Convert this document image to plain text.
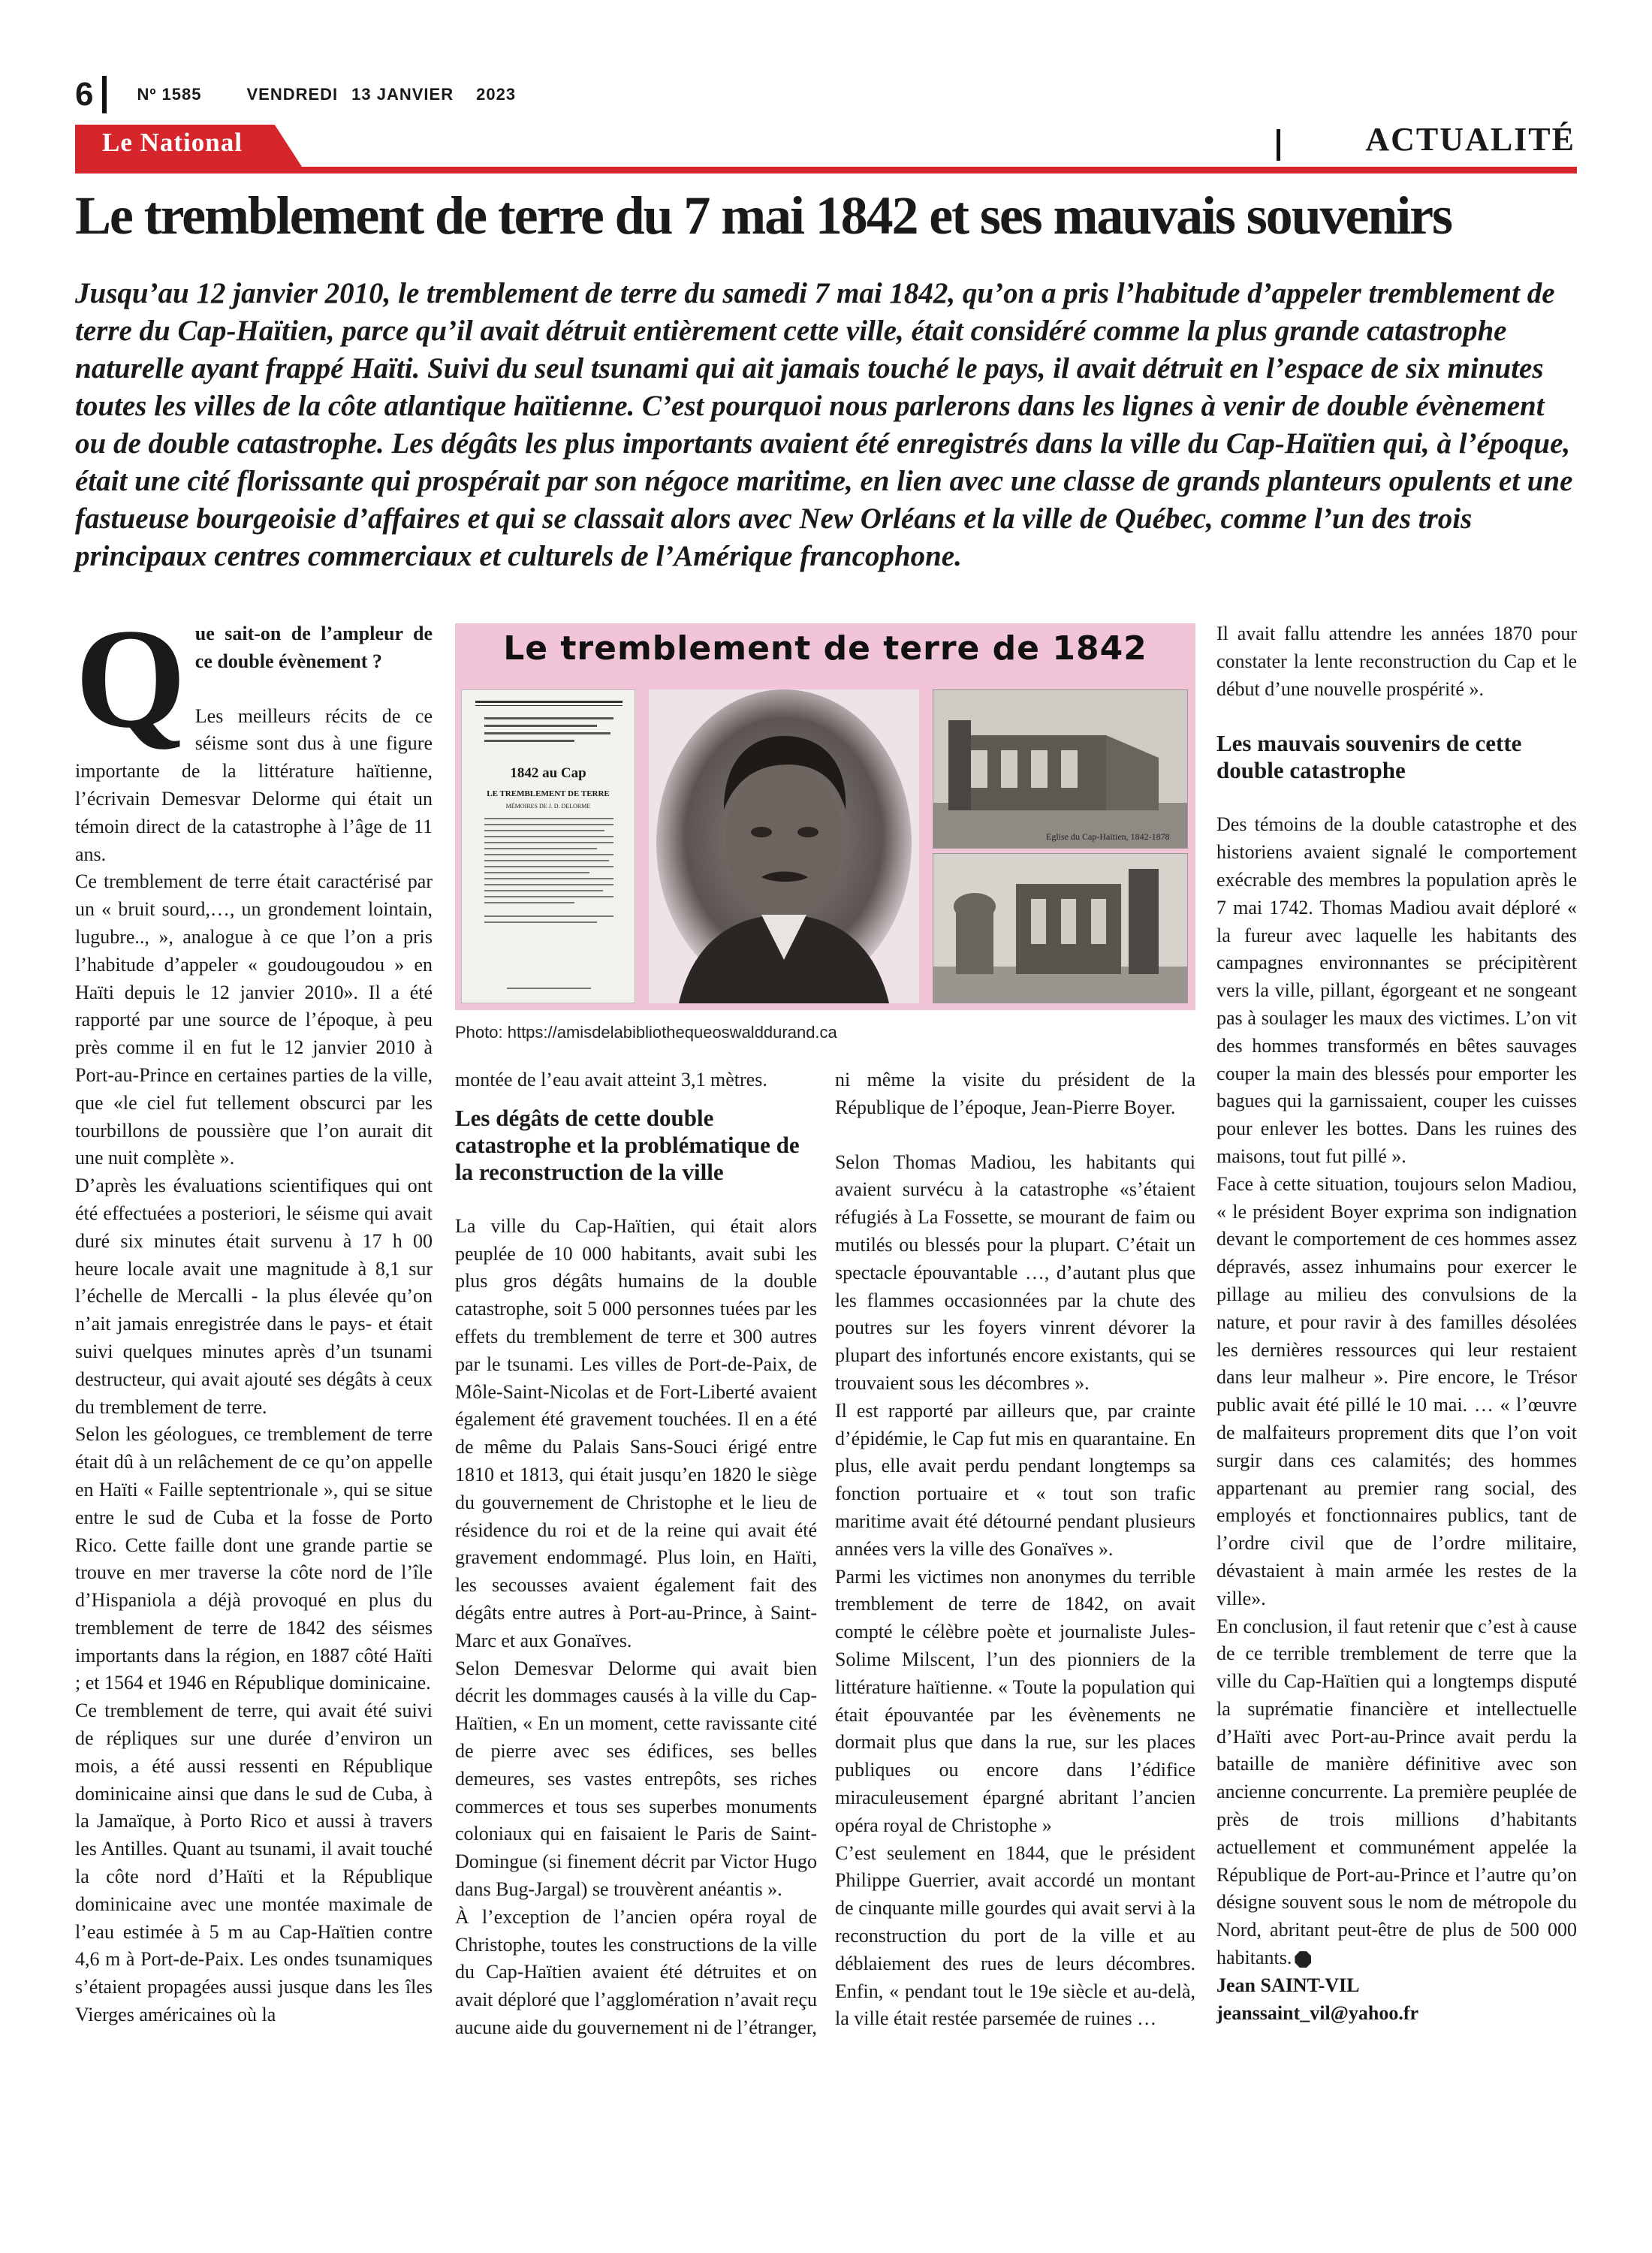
6	Nº 1585	VENDREDI 13 JANVIER 2023
Le National	ACTUALITÉ
Le tremblement de terre du 7 mai 1842 et ses mauvais souvenirs

Jusqu’au 12 janvier 2010, le tremblement de terre du samedi 7 mai 1842, qu’on a pris l’habitude d’appeler tremblement de terre du Cap-Haïtien, parce qu’il avait détruit entièrement cette ville, était considéré comme la plus grande catastrophe naturelle ayant frappé Haïti. Suivi du seul tsunami qui ait jamais touché le pays, il avait détruit en l’espace de six minutes toutes les villes de la côte atlantique haïtienne. C’est pourquoi nous parlerons dans les lignes à venir de double évènement ou de double catastrophe. Les dégâts les plus importants avaient été enregistrés dans la ville du Cap-Haïtien qui, à l’époque, était une cité florissante qui prospérait par son négoce maritime, en lien avec une classe de grands planteurs opulents et une fastueuse bourgeoisie d’affaires et qui se classait alors avec New Orléans et la ville de Québec, comme l’un des trois principaux centres commerciaux et culturels de l’Amérique francophone.

Q ue sait-on de l’ampleur de ce double évènement ?

Les meilleurs récits de ce séisme sont dus à une figure importante de la littérature haïtienne, l’écrivain Demesvar Delorme qui était un témoin direct de la catastrophe à l’âge de 11 ans.

Ce tremblement de terre était caractérisé par un « bruit sourd,…, un grondement lointain, lugubre.., », analogue à ce que l’on a pris l’habitude d’appeler « goudougoudou » en Haïti depuis le 12 janvier 2010». Il a été rapporté par une source de l’époque, à peu près comme il en fut le 12 janvier 2010 à Port-au-Prince en certaines parties de la ville, que «le ciel fut tellement obscurci par les tourbillons de poussière que l’on aurait dit une nuit complète ».

D’après les évaluations scientifiques qui ont été effectuées a posteriori, le séisme qui avait duré six minutes était survenu à 17 h 00 heure locale avait une magnitude à 8,1 sur l’échelle de Mercalli - la plus élevée qu’on n’ait jamais enregistrée dans le pays- et était suivi quelques minutes après d’un tsunami destructeur, qui avait ajouté ses dégâts à ceux du tremblement de terre.

Selon les géologues, ce tremblement de terre était dû à un relâchement de ce qu’on appelle en Haïti « Faille septentrionale », qui se situe entre le sud de Cuba et la fosse de Porto Rico. Cette faille dont une grande partie se trouve en mer traverse la côte nord de l’île d’Hispaniola a déjà provoqué en plus du tremblement de terre de 1842 des séismes importants dans la région, en 1887 côté Haïti ; et 1564 et 1946 en République dominicaine.

Ce tremblement de terre, qui avait été suivi de répliques sur une durée d’environ un mois, a été aussi ressenti en République dominicaine ainsi que dans le sud de Cuba, à la Jamaïque, à Porto Rico et aussi à travers les Antilles. Quant au tsunami, il avait touché la côte nord d’Haïti et la République dominicaine avec une montée maximale de l’eau estimée à 5 m au Cap-Haïtien contre 4,6 m à Port-de-Paix. Les ondes tsunamiques s’étaient propagées aussi jusque dans les îles Vierges américaines où la

Le tremblement de terre de 1842
1842 au Cap
LE TREMBLEMENT DE TERRE
MÉMOIRES DE J. D. DELORME
Eglise du Cap-Haïtien, 1842-1878
Photo: https://amisdelabibliothequeoswalddurand.ca

montée de l’eau avait atteint 3,1 mètres.

Les dégâts de cette double catastrophe et la problématique de la reconstruction de la ville

La ville du Cap-Haïtien, qui était alors peuplée de 10 000 habitants, avait subi les plus gros dégâts humains de la double catastrophe, soit 5 000 personnes tuées par les effets du tremblement de terre et 300 autres par le tsunami. Les villes de Port-de-Paix, de Môle-Saint-Nicolas et de Fort-Liberté avaient également été gravement touchées. Il en a été de même du Palais Sans-Souci érigé entre 1810 et 1813, qui était jusqu’en 1820 le siège du gouvernement de Christophe et le lieu de résidence du roi et de la reine qui avait été gravement endommagé. Plus loin, en Haïti, les secousses avaient également fait des dégâts entre autres à Port-au-Prince, à Saint-Marc et aux Gonaïves.

Selon Demesvar Delorme qui avait bien décrit les dommages causés à la ville du Cap-Haïtien, « En un moment, cette ravissante cité de pierre avec ses édifices, ses belles demeures, ses vastes entrepôts, ses riches commerces et tous ses superbes monuments coloniaux qui en faisaient le Paris de Saint-Domingue (si finement décrit par Victor Hugo dans Bug-Jargal) se trouvèrent anéantis ».

À l’exception de l’ancien opéra royal de Christophe, toutes les constructions de la ville du Cap-Haïtien avaient été détruites et on avait déploré que l’agglomération n’avait reçu aucune aide du gouvernement ni de l’étranger,

ni même la visite du président de la République de l’époque, Jean-Pierre Boyer.

Selon Thomas Madiou, les habitants qui avaient survécu à la catastrophe «s’étaient réfugiés à La Fossette, se mourant de faim ou mutilés ou blessés pour la plupart. C’était un spectacle épouvantable …, d’autant plus que les flammes occasionnées par la chute des poutres sur les foyers vinrent dévorer la plupart des infortunés encore existants, qui se trouvaient sous les décombres ».

Il est rapporté par ailleurs que, par crainte d’épidémie, le Cap fut mis en quarantaine. En plus, elle avait perdu pendant longtemps sa fonction portuaire et « tout son trafic maritime avait été détourné pendant plusieurs années vers la ville des Gonaïves ».

Parmi les victimes non anonymes du terrible tremblement de terre de 1842, on avait compté le célèbre poète et journaliste Jules-Solime Milscent, l’un des pionniers de la littérature haïtienne. « Toute la population qui était épouvantée par les évènements ne dormait plus que dans la rue, sur les places publiques ou encore dans l’édifice miraculeusement épargné abritant l’ancien opéra royal de Christophe »

C’est seulement en 1844, que le président Philippe Guerrier, avait accordé un montant de cinquante mille gourdes qui avait servi à la reconstruction du port de la ville et au déblaiement des rues de leurs décombres. Enfin, « pendant tout le 19e siècle et au-delà, la ville était restée parsemée de ruines …

Il avait fallu attendre les années 1870 pour constater la lente reconstruction du Cap et le début d’une nouvelle prospérité ».

Les mauvais souvenirs de cette double catastrophe

Des témoins de la double catastrophe et des historiens avaient signalé le comportement exécrable des membres la population après le 7 mai 1742. Thomas Madiou avait déploré « la fureur avec laquelle les habitants des campagnes environnantes se précipitèrent vers la ville, pillant, égorgeant et ne songeant pas à soulager les maux des victimes. L’on vit des hommes transformés en bêtes sauvages couper la main des blessés pour emporter les bagues qui la garnissaient, couper les cuisses pour enlever les bottes. Dans les ruines des maisons, tout fut pillé ».

Face à cette situation, toujours selon Madiou, « le président Boyer exprima son indignation devant le comportement de ces hommes assez dépravés, assez inhumains pour exercer le pillage au milieu des convulsions de la nature, et pour ravir à des familles désolées les dernières ressources qui leur restaient dans leur malheur ». Pire encore, le Trésor public avait été pillé le 10 mai. … « l’œuvre de malfaiteurs proprement dits que l’on voit surgir dans ces calamités; des hommes appartenant au premier rang social, des employés et fonctionnaires publics, tant de l’ordre civil que de l’ordre militaire, dévastaient à main armée les restes de la ville».

En conclusion, il faut retenir que c’est à cause de ce terrible tremblement de terre que la ville du Cap-Haïtien qui a longtemps disputé la suprématie financière et intellectuelle d’Haïti avec Port-au-Prince avait perdu la bataille de manière définitive avec son ancienne concurrente. La première peuplée de près de trois millions d’habitants actuellement et communément appelée la République de Port-au-Prince et l’autre qu’on désigne souvent sous le nom de métropole du Nord, abritant peut-être de plus de 500 000 habitants.

Jean SAINT-VIL

jeanssaint_vil@yahoo.fr
